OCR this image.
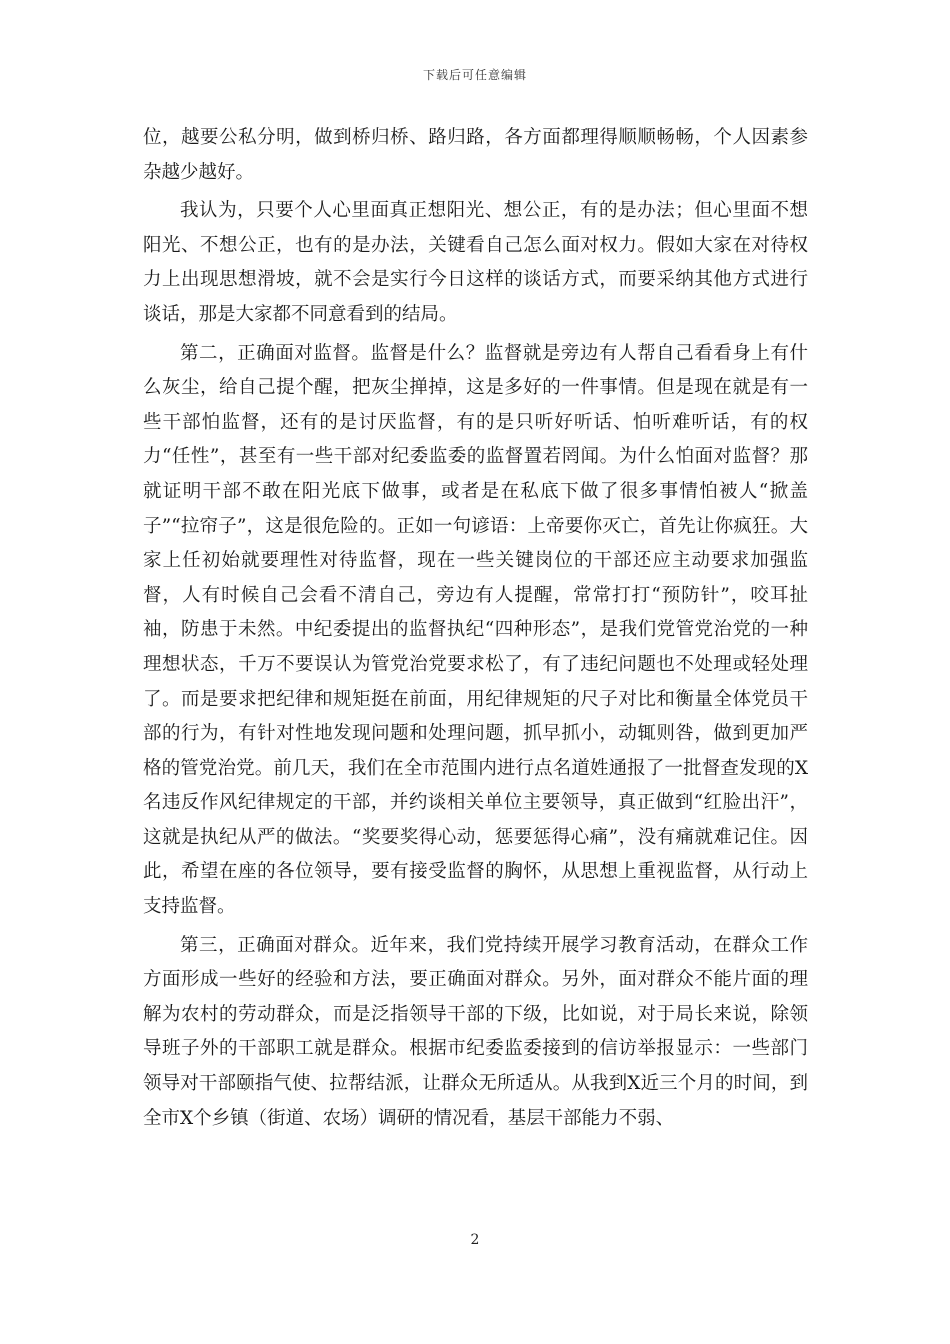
下载后可任意编辑

位，越要公私分明，做到桥归桥、路归路，各方面都理得顺顺畅畅，个人因素参杂越少越好。

我认为，只要个人心里面真正想阳光、想公正，有的是办法；但心里面不想阳光、不想公正，也有的是办法，关键看自己怎么面对权力。假如大家在对待权力上出现思想滑坡，就不会是实行今日这样的谈话方式，而要采纳其他方式进行谈话，那是大家都不同意看到的结局。

第二，正确面对监督。监督是什么？监督就是旁边有人帮自己看看身上有什么灰尘，给自己提个醒，把灰尘掸掉，这是多好的一件事情。但是现在就是有一些干部怕监督，还有的是讨厌监督，有的是只听好听话、怕听难听话，有的权力“任性”，甚至有一些干部对纪委监委的监督置若罔闻。为什么怕面对监督？那就证明干部不敢在阳光底下做事，或者是在私底下做了很多事情怕被人“掀盖子”“拉帘子”，这是很危险的。正如一句谚语：上帝要你灭亡，首先让你疯狂。大家上任初始就要理性对待监督，现在一些关键岗位的干部还应主动要求加强监督，人有时候自己会看不清自己，旁边有人提醒，常常打打“预防针”，咬耳扯袖，防患于未然。中纪委提出的监督执纪“四种形态”，是我们党管党治党的一种理想状态，千万不要误认为管党治党要求松了，有了违纪问题也不处理或轻处理了。而是要求把纪律和规矩挺在前面，用纪律规矩的尺子对比和衡量全体党员干部的行为，有针对性地发现问题和处理问题，抓早抓小，动辄则咎，做到更加严格的管党治党。前几天，我们在全市范围内进行点名道姓通报了一批督查发现的X名违反作风纪律规定的干部，并约谈相关单位主要领导，真正做到“红脸出汗”，这就是执纪从严的做法。“奖要奖得心动，惩要惩得心痛”，没有痛就难记住。因此，希望在座的各位领导，要有接受监督的胸怀，从思想上重视监督，从行动上支持监督。

第三，正确面对群众。近年来，我们党持续开展学习教育活动，在群众工作方面形成一些好的经验和方法，要正确面对群众。另外，面对群众不能片面的理解为农村的劳动群众，而是泛指领导干部的下级，比如说，对于局长来说，除领导班子外的干部职工就是群众。根据市纪委监委接到的信访举报显示：一些部门领导对干部颐指气使、拉帮结派，让群众无所适从。从我到X近三个月的时间，到全市X个乡镇（街道、农场）调研的情况看，基层干部能力不弱、

2
